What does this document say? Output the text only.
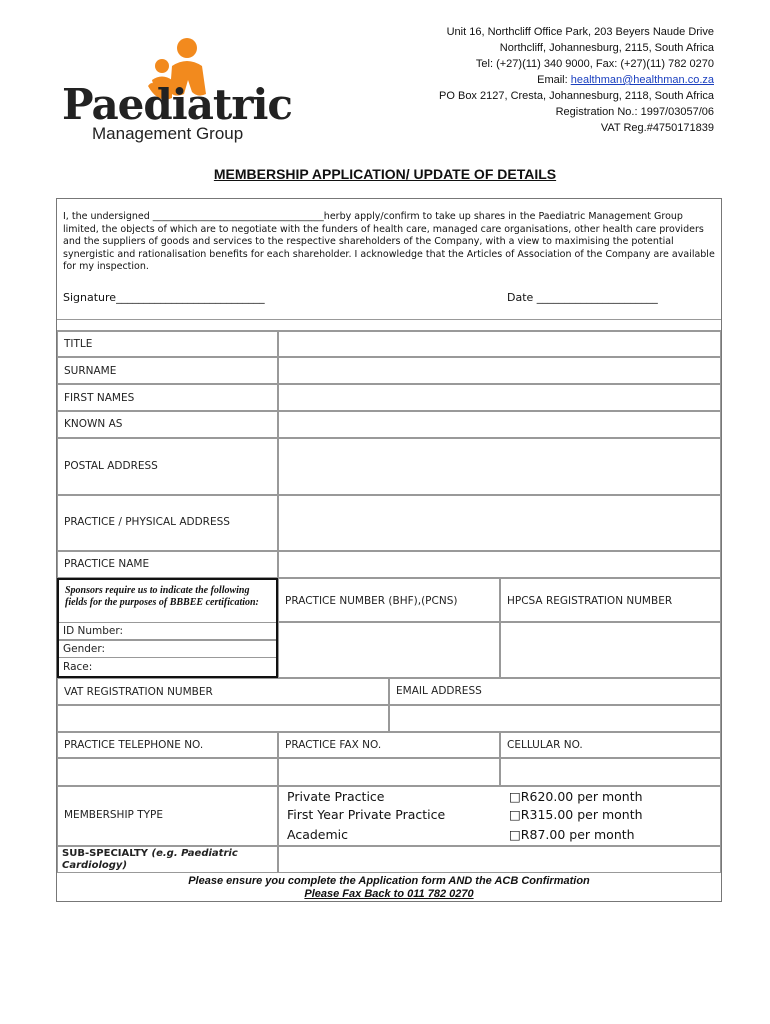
Paediatric
Management Group
Unit 16, Northcliff Office Park, 203 Beyers Naude Drive
Northcliff, Johannesburg, 2115, South Africa
Tel: (+27)(11) 340 9000, Fax: (+27)(11) 782 0270
Email: healthman@healthman.co.za
PO Box 2127, Cresta, Johannesburg, 2118, South Africa
Registration No.: 1997/03057/06
VAT Reg.#4750171839
MEMBERSHIP APPLICATION/ UPDATE OF DETAILS
I, the undersigned ____________________________________herby apply/confirm to take up shares in the Paediatric Management Group limited, the objects of which are to negotiate with the funders of health care, managed care organisations, other health care providers and the suppliers of goods and services to the respective shareholders of the Company, with a view to maximising the potential synergistic and rationalisation benefits for each shareholder. I acknowledge that the Articles of Association of the Company are available for my inspection.
Signature___________________________	Date ______________________
TITLE
SURNAME
FIRST NAMES
KNOWN AS
POSTAL ADDRESS
PRACTICE / PHYSICAL ADDRESS
PRACTICE NAME
Sponsors require us to indicate the following fields for the purposes of BBBEE certification:
ID Number:
Gender:
Race:
PRACTICE NUMBER (BHF),(PCNS)	HPCSA REGISTRATION NUMBER
VAT REGISTRATION NUMBER	EMAIL ADDRESS
PRACTICE TELEPHONE NO.	PRACTICE FAX NO.	CELLULAR NO.
MEMBERSHIP TYPE
Private Practice	□R620.00 per month
First Year Private Practice	□R315.00 per month
Academic	□R87.00 per month
SUB-SPECIALTY (e.g. Paediatric Cardiology)
Please ensure you complete the Application form AND the ACB Confirmation
Please Fax Back to 011 782 0270
